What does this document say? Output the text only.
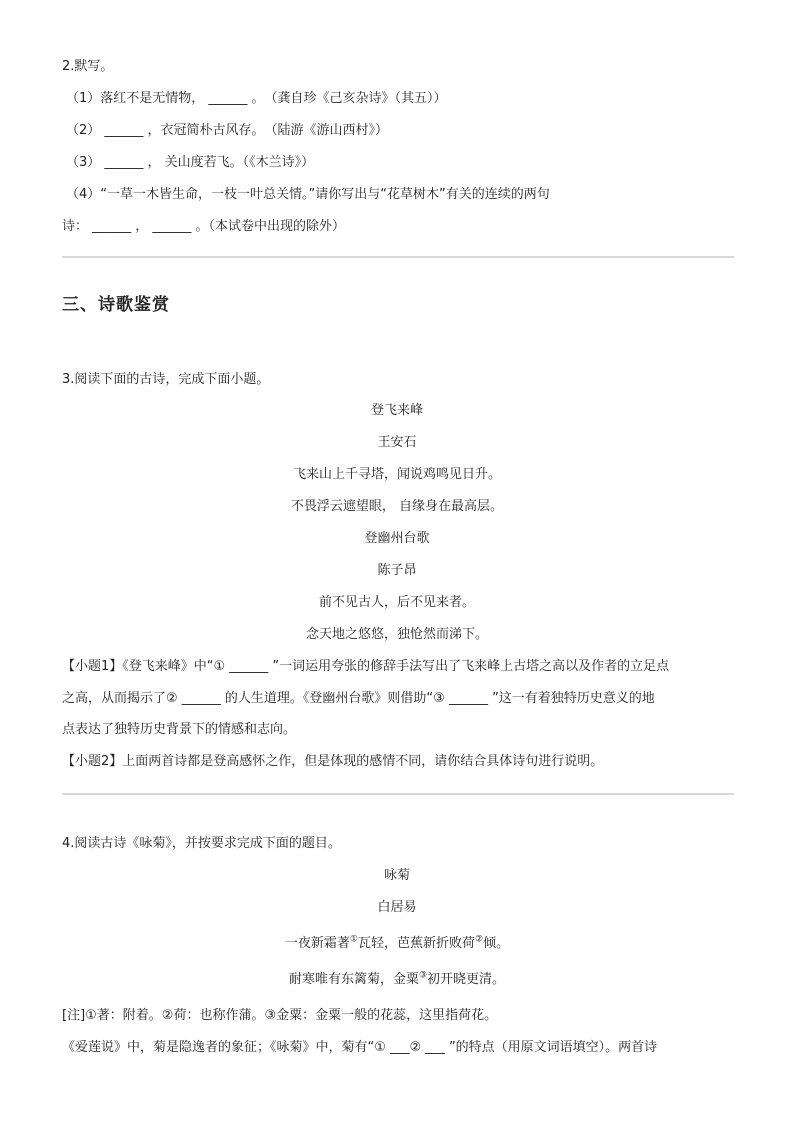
2.默写。
（1）落红不是无情物， ______ 。　（龚自珍《己亥杂诗》（其五））
（2） ______ ，衣冠简朴古风存。　（陆游《游山西村》）
（3） ______ ， 关山度若飞。（《木兰诗》）
（4）“一草一木皆生命，一枝一叶总关情。”请你写出与“花草树木”有关的连续的两句
诗： ______ ， ______ 。（本试卷中出现的除外）
三、诗歌鉴赏
3.阅读下面的古诗，完成下面小题。
登飞来峰
王安石
飞来山上千寻塔，闻说鸡鸣见日升。
不畏浮云遮望眼， 自缘身在最高层。
登幽州台歌
陈子昂
前不见古人，后不见来者。
念天地之悠悠，独怆然而涕下。
【小题1】《登飞来峰》中“① ______ ”一词运用夸张的修辞手法写出了飞来峰上古塔之高以及作者的立足点
之高，从而揭示了② ______ 的人生道理。《登幽州台歌》则借助“③ ______ ”这一有着独特历史意义的地
点表达了独特历史背景下的情感和志向。
【小题2】上面两首诗都是登高感怀之作，但是体现的感情不同，请你结合具体诗句进行说明。
4.阅读古诗《咏菊》，并按要求完成下面的题目。
咏菊
白居易
一夜新霜著①瓦轻，芭蕉新折败荷②倾。
耐寒唯有东篱菊，金粟③初开晓更清。
[注]①著：附着。②荷：也称作蒲。③金粟：金粟一般的花蕊，这里指荷花。
《爱莲说》中，菊是隐逸者的象征；《咏菊》中，菊有“① ___② ___ ”的特点（用原文词语填空）。两首诗
